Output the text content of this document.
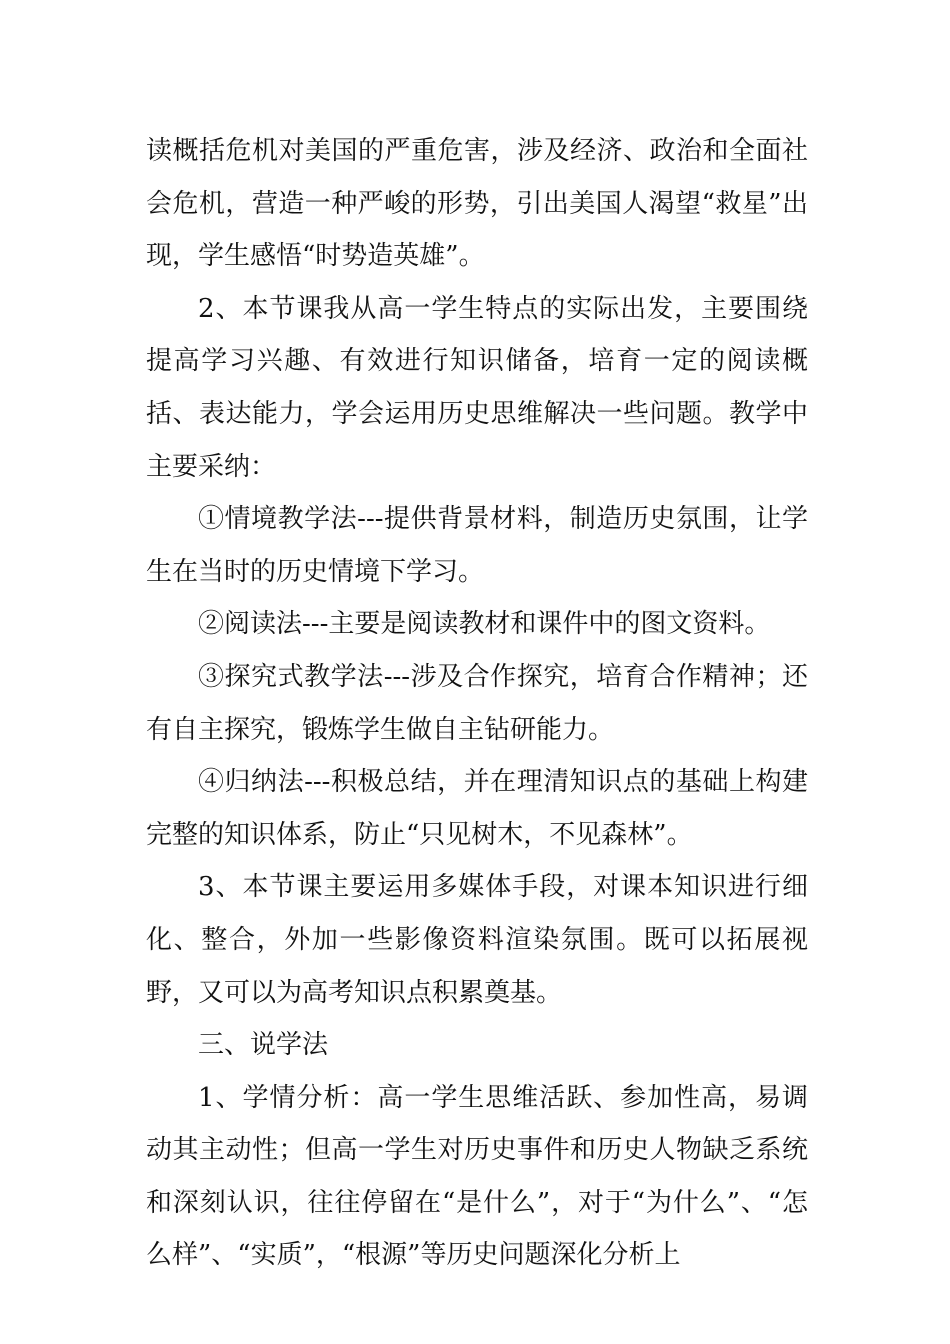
读概括危机对美国的严重危害，涉及经济、政治和全面社会危机，营造一种严峻的形势，引出美国人渴望“救星”出现，学生感悟“时势造英雄”。

2、本节课我从高一学生特点的实际出发，主要围绕提高学习兴趣、有效进行知识储备，培育一定的阅读概括、表达能力，学会运用历史思维解决一些问题。教学中主要采纳：

①情境教学法---提供背景材料，制造历史氛围，让学生在当时的历史情境下学习。

②阅读法---主要是阅读教材和课件中的图文资料。

③探究式教学法---涉及合作探究，培育合作精神；还有自主探究，锻炼学生做自主钻研能力。

④归纳法---积极总结，并在理清知识点的基础上构建完整的知识体系，防止“只见树木，不见森林”。

3、本节课主要运用多媒体手段，对课本知识进行细化、整合，外加一些影像资料渲染氛围。既可以拓展视野，又可以为高考知识点积累奠基。

三、说学法

1、学情分析：高一学生思维活跃、参加性高，易调动其主动性；但高一学生对历史事件和历史人物缺乏系统和深刻认识，往往停留在“是什么”，对于“为什么”、“怎么样”、“实质”，“根源”等历史问题深化分析上
